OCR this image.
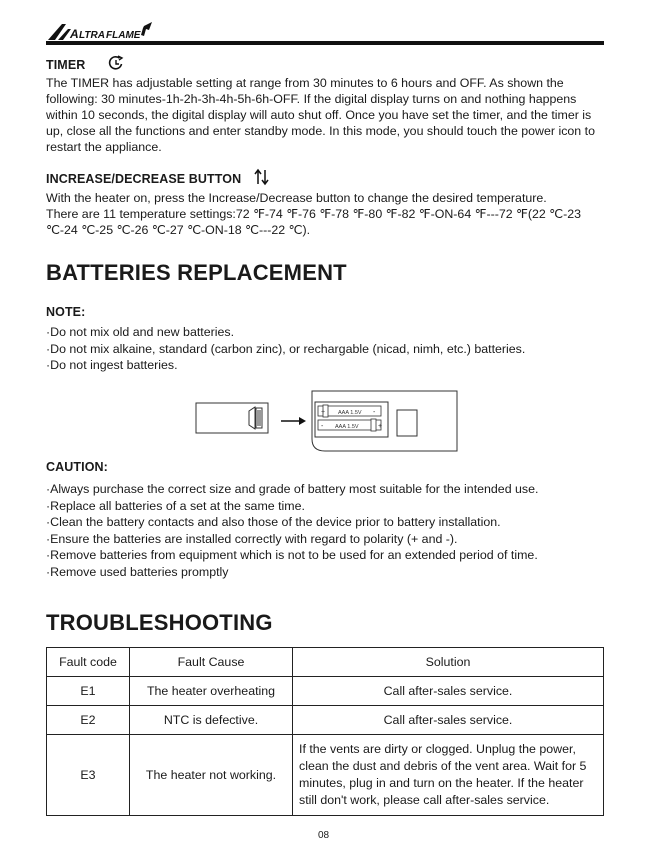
A LTRA FLAME
TIMER
The TIMER has adjustable setting at range from 30 minutes to 6 hours and OFF. As shown the following: 30 minutes-1h-2h-3h-4h-5h-6h-OFF. If the digital display turns on and nothing happens within 10 seconds, the digital display will auto shut off. Once you have set the timer, and the timer is up, close all the functions and enter standby mode. In this mode, you should touch the power icon to restart the appliance.
INCREASE/DECREASE BUTTON
With the heater on, press the Increase/Decrease button to change the desired temperature.
There are 11 temperature settings:72 ℉-74 ℉-76 ℉-78 ℉-80 ℉-82 ℉-ON-64 ℉---72 ℉(22 ℃-23 ℃-24 ℃-25 ℃-26 ℃-27 ℃-ON-18 ℃---22 ℃).
BATTERIES REPLACEMENT
NOTE:
·Do not mix old and new batteries.
·Do not mix alkaine, standard (carbon zinc), or rechargable (nicad, nimh, etc.) batteries.
·Do not ingest batteries.
+ AAA 1.5V -
- AAA 1.5V	+
CAUTION:
·Always purchase the correct size and grade of battery most suitable for the intended use.
·Replace all batteries of a set at the same time.
·Clean the battery contacts and also those of the device prior to battery installation.
·Ensure the batteries are installed correctly with regard to polarity (+ and -).
·Remove batteries from equipment which is not to be used for an extended period of time.
·Remove used batteries promptly
TROUBLESHOOTING
Fault code	Fault Cause	Solution
E1	The heater overheating	Call after-sales service.
E2	NTC is defective.	Call after-sales service.
E3	The heater not working.	If the vents are dirty or clogged. Unplug the power, clean the dust and debris of the vent area. Wait for 5 minutes, plug in and turn on the heater. If the heater still don't work, please call after-sales service.
08
